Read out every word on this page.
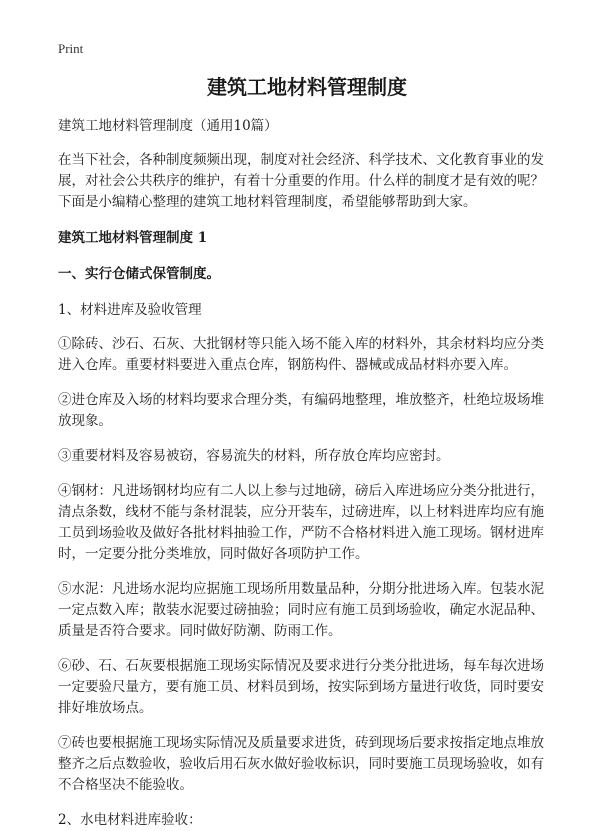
Print
建筑工地材料管理制度

建筑工地材料管理制度（通用10篇）

在当下社会，各种制度频频出现，制度对社会经济、科学技术、文化教育事业的发展，对社会公共秩序的维护，有着十分重要的作用。什么样的制度才是有效的呢？下面是小编精心整理的建筑工地材料管理制度，希望能够帮助到大家。

建筑工地材料管理制度 1

一、实行仓储式保管制度。

1、材料进库及验收管理

①除砖、沙石、石灰、大批钢材等只能入场不能入库的材料外，其余材料均应分类进入仓库。重要材料要进入重点仓库，钢筋构件、器械或成品材料亦要入库。

②进仓库及入场的材料均要求合理分类，有编码地整理，堆放整齐，杜绝垃圾场堆放现象。

③重要材料及容易被窃，容易流失的材料，所存放仓库均应密封。

④钢材：凡进场钢材均应有二人以上参与过地磅，磅后入库进场应分类分批进行，清点条数，线材不能与条材混装，应分开装车，过磅进库，以上材料进库均应有施工员到场验收及做好各批材料抽验工作，严防不合格材料进入施工现场。钢材进库时，一定要分批分类堆放，同时做好各项防护工作。

⑤水泥：凡进场水泥均应据施工现场所用数量品种，分期分批进场入库。包装水泥一定点数入库；散装水泥要过磅抽验；同时应有施工员到场验收，确定水泥品种、质量是否符合要求。同时做好防潮、防雨工作。

⑥砂、石、石灰要根据施工现场实际情况及要求进行分类分批进场，每车每次进场一定要验尺量方，要有施工员、材料员到场，按实际到场方量进行收货，同时要安排好堆放场点。

⑦砖也要根据施工现场实际情况及质量要求进货，砖到现场后要求按指定地点堆放整齐之后点数验收，验收后用石灰水做好验收标识，同时要施工员现场验收，如有不合格坚决不能验收。

2、水电材料进库验收：
